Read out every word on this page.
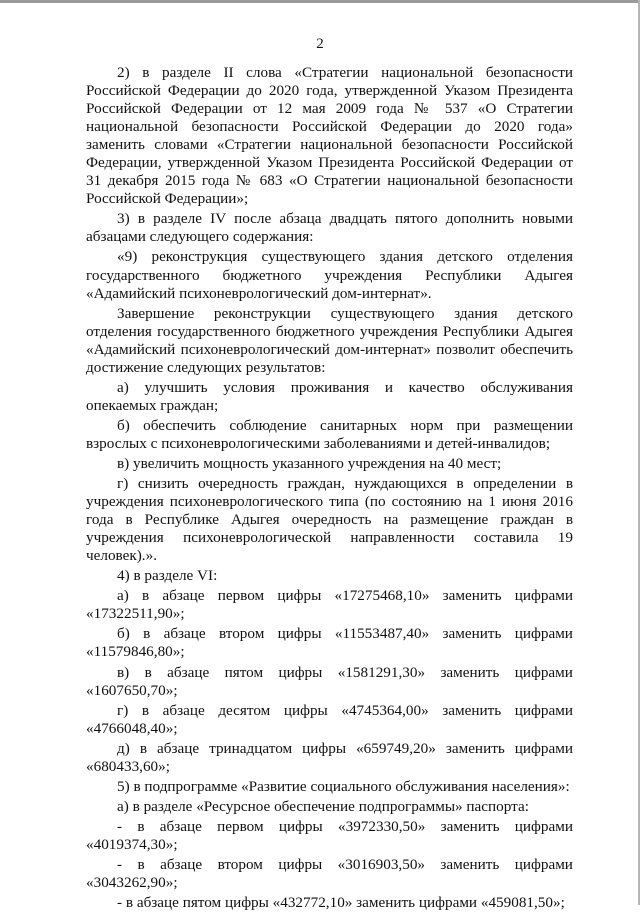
2

2) в разделе II слова «Стратегии национальной безопасности Российской Федерации до 2020 года, утвержденной Указом Президента Российской Федерации от 12 мая 2009 года № 537 «О Стратегии национальной безопасности Российской Федерации до 2020 года» заменить словами «Стратегии национальной безопасности Российской Федерации, утвержденной Указом Президента Российской Федерации от 31 декабря 2015 года № 683 «О Стратегии национальной безопасности Российской Федерации»;

3) в разделе IV после абзаца двадцать пятого дополнить новыми абзацами следующего содержания:

«9) реконструкция существующего здания детского отделения государственного бюджетного учреждения Республики Адыгея «Адамийский психоневрологический дом-интернат».

Завершение реконструкции существующего здания детского отделения государственного бюджетного учреждения Республики Адыгея «Адамийский психоневрологический дом-интернат» позволит обеспечить достижение следующих результатов:

а) улучшить условия проживания и качество обслуживания опекаемых граждан;

б) обеспечить соблюдение санитарных норм при размещении взрослых с психоневрологическими заболеваниями и детей-инвалидов;

в) увеличить мощность указанного учреждения на 40 мест;

г) снизить очередность граждан, нуждающихся в определении в учреждения психоневрологического типа (по состоянию на 1 июня 2016 года в Республике Адыгея очередность на размещение граждан в учреждения психоневрологической направленности составила 19 человек).».

4) в разделе VI:

а) в абзаце первом цифры «17275468,10» заменить цифрами

«17322511,90»;

б) в абзаце втором цифры «11553487,40» заменить цифрами

«11579846,80»;

в) в абзаце пятом цифры «1581291,30» заменить цифрами

«1607650,70»;

г) в абзаце десятом цифры «4745364,00» заменить цифрами

«4766048,40»;

д) в абзаце тринадцатом цифры «659749,20» заменить цифрами

«680433,60»;

5) в подпрограмме «Развитие социального обслуживания населения»:

а) в разделе «Ресурсное обеспечение подпрограммы» паспорта:

- в абзаце первом цифры «3972330,50» заменить цифрами

«4019374,30»;

- в абзаце втором цифры «3016903,50» заменить цифрами

«3043262,90»;

- в абзаце пятом цифры «432772,10» заменить цифрами «459081,50»;
